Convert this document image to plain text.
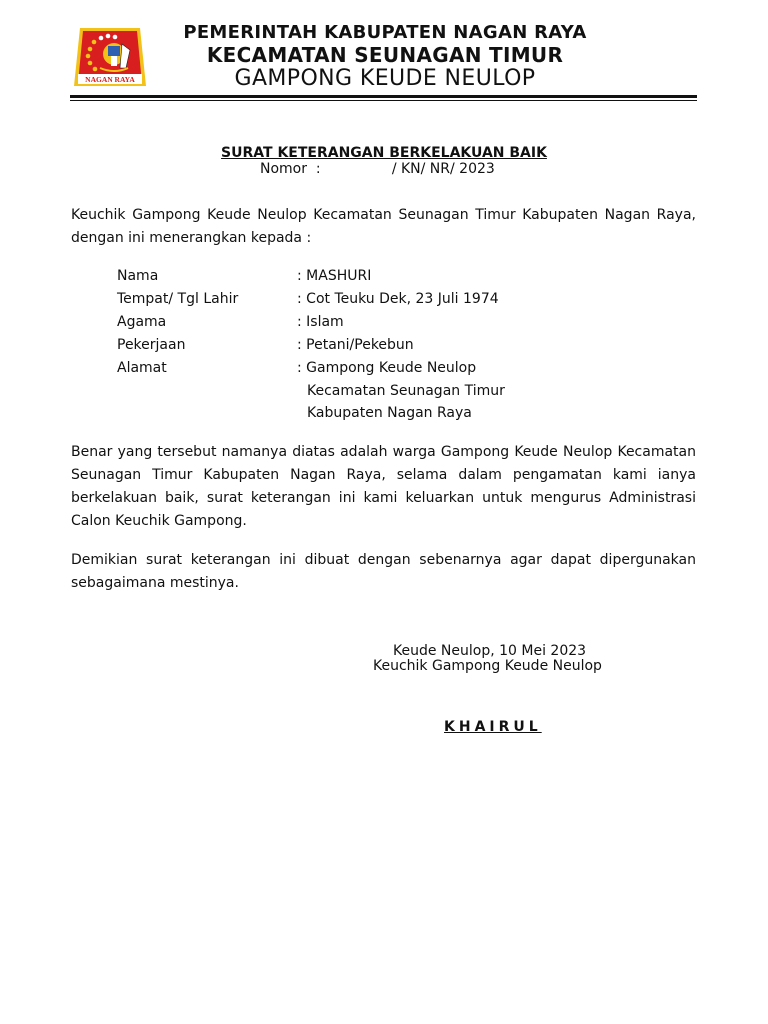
NAGAN RAYA
PEMERINTAH KABUPATEN NAGAN RAYA
KECAMATAN SEUNAGAN TIMUR
GAMPONG KEUDE NEULOP
SURAT KETERANGAN BERKELAKUAN BAIK
Nomor  :                / KN/ NR/ 2023
Keuchik Gampong Keude Neulop Kecamatan Seunagan Timur Kabupaten Nagan Raya, dengan ini menerangkan kepada :
Nama	: MASHURI
Tempat/ Tgl Lahir	: Cot Teuku Dek, 23 Juli 1974
Agama	: Islam
Pekerjaan	: Petani/Pekebun
Alamat	: Gampong Keude Neulop
Kecamatan Seunagan Timur
Kabupaten Nagan Raya
Benar yang tersebut namanya diatas adalah warga Gampong Keude Neulop Kecamatan Seunagan Timur Kabupaten Nagan Raya, selama dalam pengamatan kami ianya berkelakuan baik, surat keterangan ini kami keluarkan untuk mengurus Administrasi Calon Keuchik Gampong.
Demikian surat keterangan ini dibuat dengan sebenarnya agar dapat dipergunakan sebagaimana mestinya.
Keude Neulop, 10 Mei 2023
Keuchik Gampong Keude Neulop
KHAIRUL
